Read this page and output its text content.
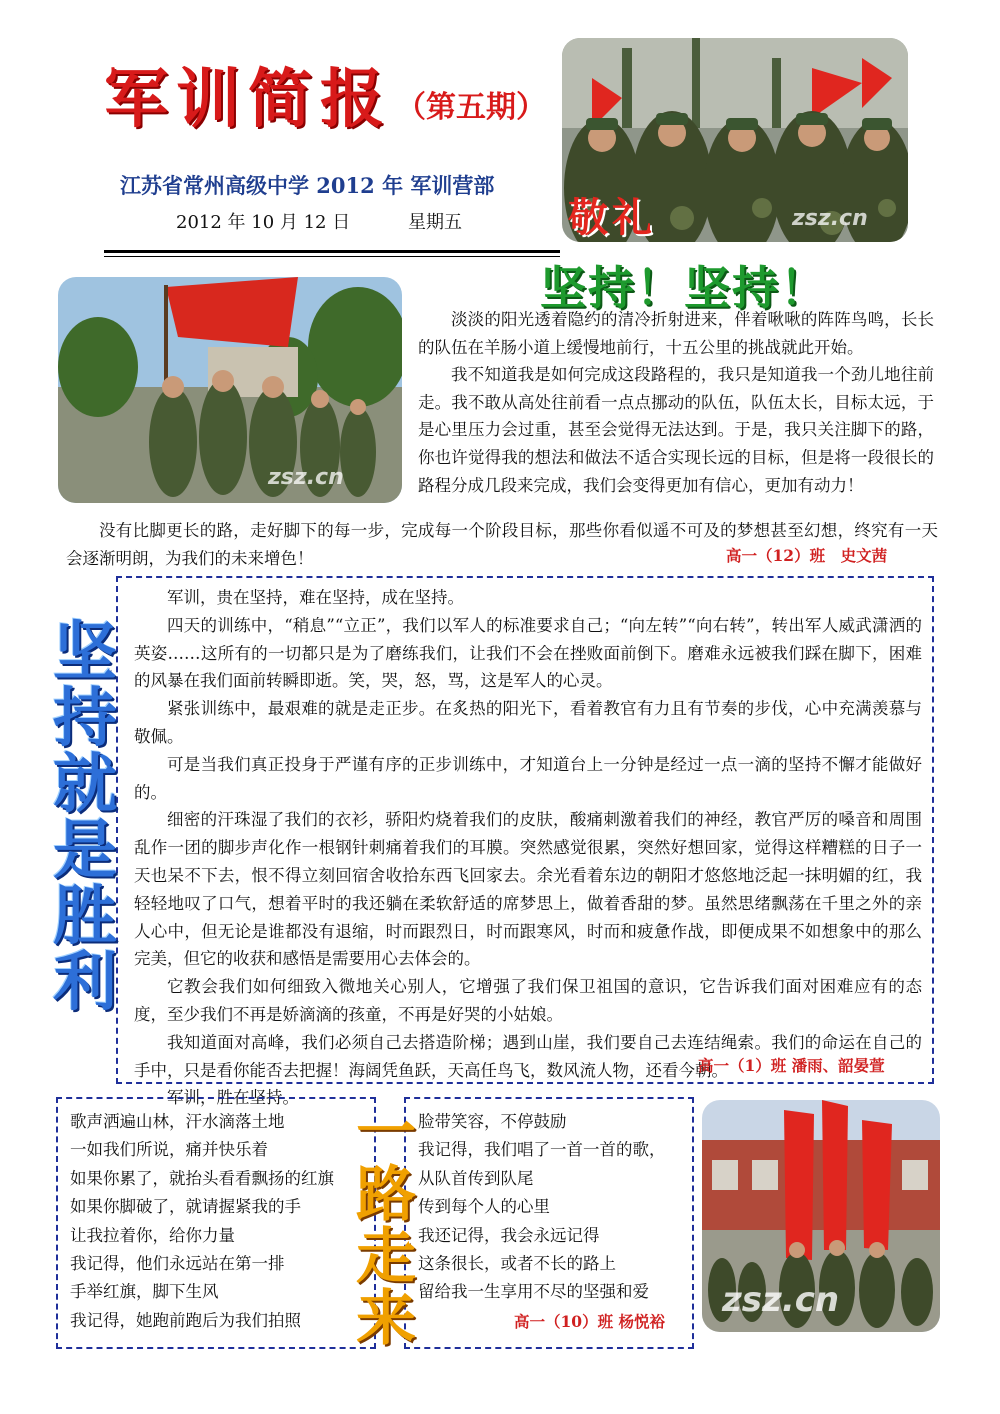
军训简报 （第五期）
江苏省常州高级中学 2012 年 军训营部
2012 年 10 月 12 日	星期五	敬礼	zsz.cn
zsz.cn
坚持！坚持！

淡淡的阳光透着隐约的清冷折射进来，伴着啾啾的阵阵鸟鸣，长长的队伍在羊肠小道上缓慢地前行，十五公里的挑战就此开始。

我不知道我是如何完成这段路程的，我只是知道我一个劲儿地往前走。我不敢从高处往前看一点点挪动的队伍，队伍太长，目标太远，于是心里压力会过重，甚至会觉得无法达到。于是，我只关注脚下的路，你也许觉得我的想法和做法不适合实现长远的目标，但是将一段很长的路程分成几段来完成，我们会变得更加有信心，更加有动力！

没有比脚更长的路，走好脚下的每一步，完成每一个阶段目标，那些你看似遥不可及的梦想甚至幻想，终究有一天会逐渐明朗，为我们的未来增色！	高一（12）班　史文茜
坚
持
就
是
胜
利

军训，贵在坚持，难在坚持，成在坚持。

四天的训练中，“稍息”“立正”，我们以军人的标准要求自己；“向左转”“向右转”，转出军人威武潇洒的英姿……这所有的一切都只是为了磨练我们，让我们不会在挫败面前倒下。磨难永远被我们踩在脚下，困难的风暴在我们面前转瞬即逝。笑，哭，怒，骂，这是军人的心灵。

紧张训练中，最艰难的就是走正步。在炙热的阳光下，看着教官有力且有节奏的步伐，心中充满羡慕与敬佩。

可是当我们真正投身于严谨有序的正步训练中，才知道台上一分钟是经过一点一滴的坚持不懈才能做好的。

细密的汗珠湿了我们的衣衫，骄阳灼烧着我们的皮肤，酸痛刺激着我们的神经，教官严厉的嗓音和周围乱作一团的脚步声化作一根钢针刺痛着我们的耳膜。突然感觉很累，突然好想回家，觉得这样糟糕的日子一天也呆不下去，恨不得立刻回宿舍收拾东西飞回家去。余光看着东边的朝阳才悠悠地泛起一抹明媚的红，我轻轻地叹了口气，想着平时的我还躺在柔软舒适的席梦思上，做着香甜的梦。虽然思绪飘荡在千里之外的亲人心中，但无论是谁都没有退缩，时而跟烈日，时而跟寒风，时而和疲惫作战，即便成果不如想象中的那么完美，但它的收获和感悟是需要用心去体会的。

它教会我们如何细致入微地关心别人，它增强了我们保卫祖国的意识，它告诉我们面对困难应有的态度，至少我们不再是娇滴滴的孩童，不再是好哭的小姑娘。

我知道面对高峰，我们必须自己去搭造阶梯；遇到山崖，我们要自己去连结绳索。我们的命运在自己的手中，只是看你能否去把握！海阔凭鱼跃，天高任鸟飞，数风流人物，还看今朝。

军训，胜在坚持。

高一（1）班 潘雨、韶晏萱
歌声洒遍山林，汗水滴落土地
一如我们所说，痛并快乐着
如果你累了，就抬头看看飘扬的红旗
如果你脚破了，就请握紧我的手
让我拉着你，给你力量
我记得，他们永远站在第一排
手举红旗，脚下生风
我记得，她跑前跑后为我们拍照
一
路
走
来
脸带笑容，不停鼓励
我记得，我们唱了一首一首的歌，
从队首传到队尾
传到每个人的心里
我还记得，我会永远记得
这条很长，或者不长的路上
留给我一生享用不尽的坚强和爱
高一（10）班 杨悦裕
zsz.cn
